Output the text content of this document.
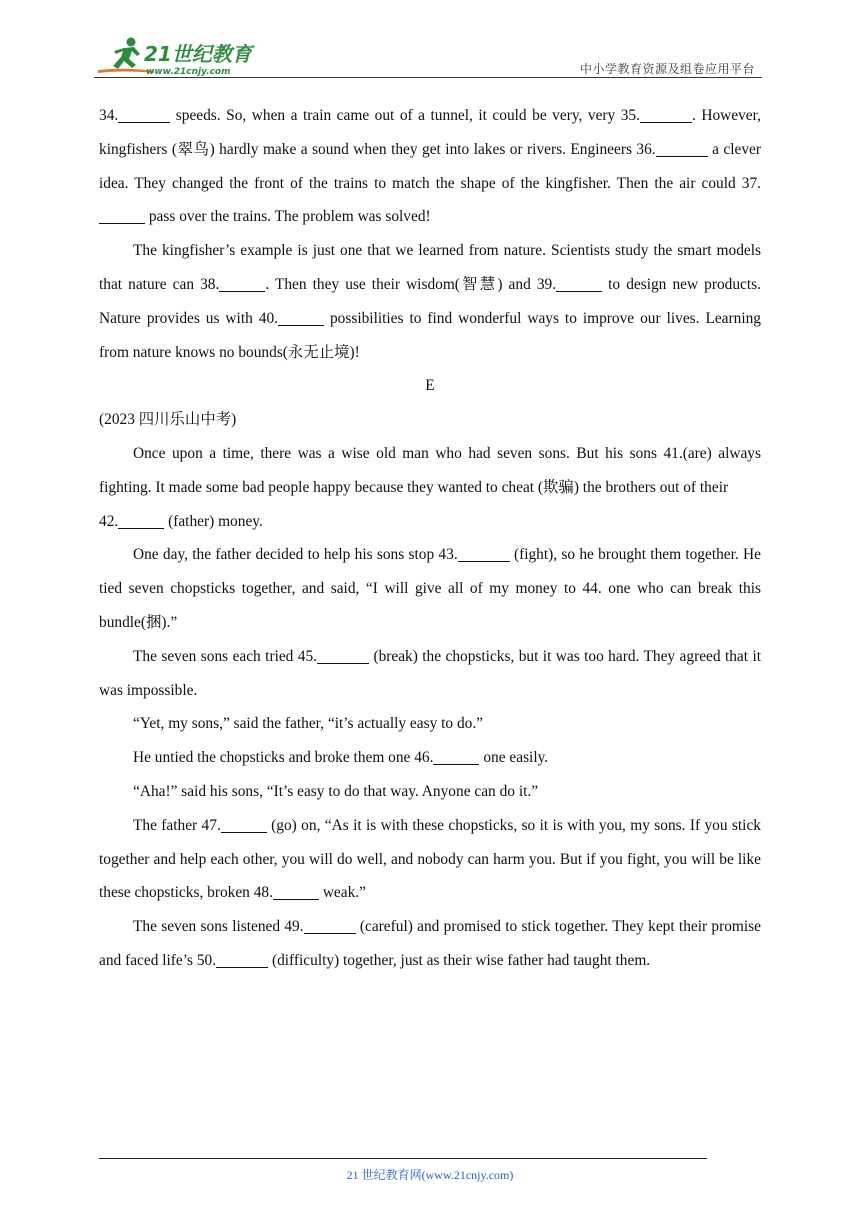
21世纪教育
www.21cnjy.com	中小学教育资源及组卷应用平台

34.	speeds. So, when a train came out of a tunnel, it could be very, very 35.	. However, kingfishers (翠鸟) hardly make a sound when they get into lakes or rivers. Engineers 36.	a clever idea. They changed the front of the trains to match the shape of the kingfisher. Then the air could 37. pass over the trains. The problem was solved!

The kingfisher’s example is just one that we learned from nature. Scientists study the smart models that nature can 38.	. Then they use their wisdom(智慧) and 39.	to design new products. Nature provides us with 40.	possibilities to find wonderful ways to improve our lives. Learning from nature knows no bounds(永无止境)!

E

(2023 四川乐山中考)

Once upon a time, there was a wise old man who had seven sons. But his sons 41.(are) always fighting. It made some bad people happy because they wanted to cheat (欺骗) the brothers out of their

42.	(father) money.

One day, the father decided to help his sons stop 43.	(fight), so he brought them together. He tied seven chopsticks together, and said, “I will give all of my money to 44. one who can break this bundle(捆).”

The seven sons each tried 45.	(break) the chopsticks, but it was too hard. They agreed that it was impossible.

“Yet, my sons,” said the father, “it’s actually easy to do.”

He untied the chopsticks and broke them one 46.	one easily.

“Aha!” said his sons, “It’s easy to do that way. Anyone can do it.”

The father 47.	(go) on, “As it is with these chopsticks, so it is with you, my sons. If you stick together and help each other, you will do well, and nobody can harm you. But if you fight, you will be like these chopsticks, broken 48.	weak.”

The seven sons listened 49.	(careful) and promised to stick together. They kept their promise and faced life’s 50.	(difficulty) together, just as their wise father had taught them.

21 世纪教育网(www.21cnjy.com)
